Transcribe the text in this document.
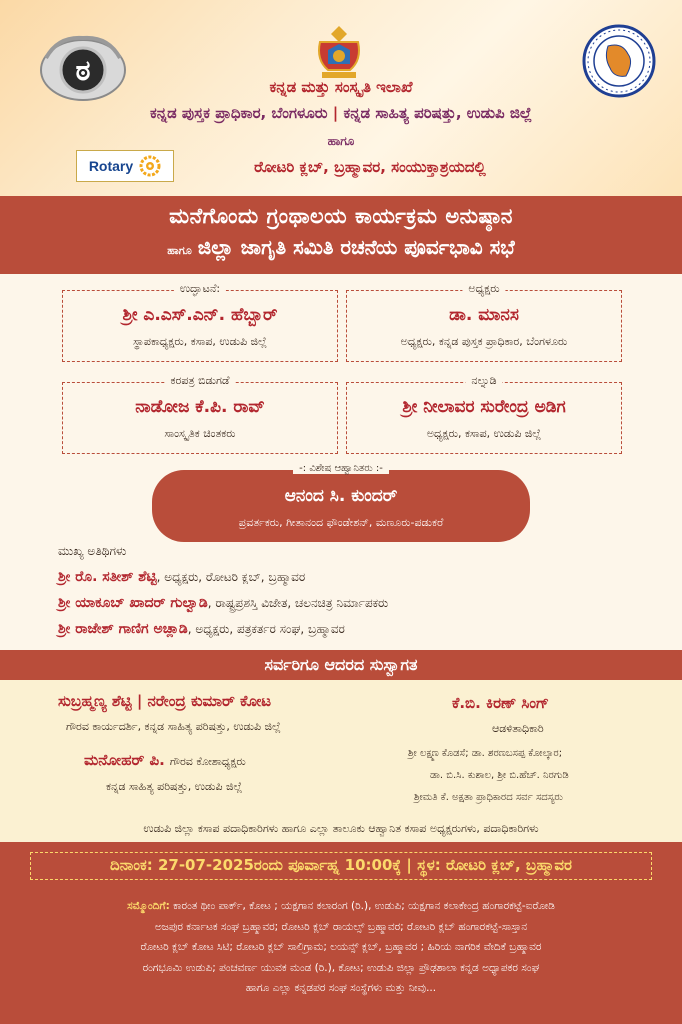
ಠ	ಕನ್ನಡ ಮತ್ತು ಸಂಸ್ಕೃತಿ ಇಲಾಖೆ
ಕನ್ನಡ ಪುಸ್ತಕ ಪ್ರಾಧಿಕಾರ, ಬೆಂಗಳೂರು | ಕನ್ನಡ ಸಾಹಿತ್ಯ ಪರಿಷತ್ತು, ಉಡುಪಿ ಜಿಲ್ಲೆ
ಹಾಗೂ
Rotary	ರೋಟರಿ ಕ್ಲಬ್, ಬ್ರಹ್ಮಾವರ, ಸಂಯುಕ್ತಾಶ್ರಯದಲ್ಲಿ
ಮನೆಗೊಂದು ಗ್ರಂಥಾಲಯ ಕಾರ್ಯಕ್ರಮ ಅನುಷ್ಠಾನ
ಹಾಗೂ ಜಿಲ್ಲಾ ಜಾಗೃತಿ ಸಮಿತಿ ರಚನೆಯ ಪೂರ್ವಭಾವಿ ಸಭೆ
ಉದ್ಘಾಟನೆ:
ಶ್ರೀ ಎ.ಎಸ್.ಎನ್. ಹೆಬ್ಬಾರ್
ಸ್ಥಾಪಕಾಧ್ಯಕ್ಷರು, ಕಸಾಪ, ಉಡುಪಿ ಜಿಲ್ಲೆ
ಅಧ್ಯಕ್ಷರು
ಡಾ. ಮಾನಸ
ಅಧ್ಯಕ್ಷರು, ಕನ್ನಡ ಪುಸ್ತಕ ಪ್ರಾಧಿಕಾರ, ಬೆಂಗಳೂರು
ಕರಪತ್ರ ಬಿಡುಗಡೆ
ನಾಡೋಜ ಕೆ.ಪಿ. ರಾವ್
ಸಾಂಸ್ಕೃತಿಕ ಚಿಂತಕರು
ನಲ್ನುಡಿ
ಶ್ರೀ ನೀಲಾವರ ಸುರೇಂದ್ರ ಅಡಿಗ
ಅಧ್ಯಕ್ಷರು, ಕಸಾಪ, ಉಡುಪಿ ಜಿಲ್ಲೆ
ಆನಂದ ಸಿ. ಕುಂದರ್
ಪ್ರವರ್ತಕರು, ಗೀತಾನಂದ ಫೌಂಡೇಶನ್, ಮಣೂರು-ಪಡುಕರೆ
-: ವಿಶೇಷ ಆಹ್ವಾನಿತರು :-
ಮುಖ್ಯ ಅತಿಥಿಗಳು
ಶ್ರೀ ರೊ. ಸತೀಶ್ ಶೆಟ್ಟಿ, ಅಧ್ಯಕ್ಷರು, ರೋಟರಿ ಕ್ಲಬ್, ಬ್ರಹ್ಮಾವರ
ಶ್ರೀ ಯಾಕೂಬ್ ಖಾದರ್ ಗುಲ್ವಾಡಿ, ರಾಷ್ಟ್ರಪ್ರಶಸ್ತಿ ವಿಜೇತ, ಚಲನಚಿತ್ರ ನಿರ್ಮಾಪಕರು
ಶ್ರೀ ರಾಜೇಶ್ ಗಾಣಿಗ ಅಚ್ಲಾಡಿ, ಅಧ್ಯಕ್ಷರು, ಪತ್ರಕರ್ತರ ಸಂಘ, ಬ್ರಹ್ಮಾವರ
ಸರ್ವರಿಗೂ ಆದರದ ಸುಸ್ವಾಗತ
ಸುಬ್ರಹ್ಮಣ್ಯ ಶೆಟ್ಟಿ | ನರೇಂದ್ರ ಕುಮಾರ್ ಕೋಟ
ಗೌರವ ಕಾರ್ಯದರ್ಶಿ, ಕನ್ನಡ ಸಾಹಿತ್ಯ ಪರಿಷತ್ತು, ಉಡುಪಿ ಜಿಲ್ಲೆ
ಮನೋಹರ್ ಪಿ. ಗೌರವ ಕೋಶಾಧ್ಯಕ್ಷರು
ಕನ್ನಡ ಸಾಹಿತ್ಯ ಪರಿಷತ್ತು, ಉಡುಪಿ ಜಿಲ್ಲೆ
ಕೆ.ಬಿ. ಕಿರಣ್ ಸಿಂಗ್
ಆಡಳಿತಾಧಿಕಾರಿ
ಶ್ರೀ ಲಕ್ಷ್ಮಣ ಕೊಡಸೆ; ಡಾ. ಶರಣಬಸಪ್ಪ ಕೋಲ್ಕಾರ;
ಡಾ. ಬಿ.ಸಿ. ಕುಶಾಲ, ಶ್ರೀ ಬಿ.ಹೆಚ್. ನಿರಗುಡಿ
ಶ್ರೀಮತಿ ಕೆ. ಅಕ್ಷತಾ ಪ್ರಾಧಿಕಾರದ ಸರ್ವ ಸದಸ್ಯರು
ಉಡುಪಿ ಜಿಲ್ಲಾ ಕಸಾಪ ಪದಾಧಿಕಾರಿಗಳು ಹಾಗೂ ಎಲ್ಲಾ ತಾಲೂಕು ಆಹ್ವಾನಿತ ಕಸಾಪ ಅಧ್ಯಕ್ಷರುಗಳು, ಪದಾಧಿಕಾರಿಗಳು
ದಿನಾಂಕ: 27-07-2025ರಂದು ಪೂರ್ವಾಹ್ನ 10:00ಕ್ಕೆ | ಸ್ಥಳ: ರೋಟರಿ ಕ್ಲಬ್, ಬ್ರಹ್ಮಾವರ
ಸಮ್ಮೊಂದಿಗೆ: ಕಾರಂತ ಥೀಂ ಪಾರ್ಕ್, ಕೋಟ ; ಯಕ್ಷಗಾನ ಕಲಾರಂಗ (ರಿ.), ಉಡುಪಿ; ಯಕ್ಷಗಾನ ಕಲಾಕೇಂದ್ರ ಹಂಗಾರಕಟ್ಟೆ-ಐರೋಡಿ
ಅಜಪುರ ಕರ್ನಾಟಕ ಸಂಘ ಬ್ರಹ್ಮಾವರ; ರೋಟರಿ ಕ್ಲಬ್ ರಾಯಲ್ಸ್ ಬ್ರಹ್ಮಾವರ; ರೋಟರಿ ಕ್ಲಬ್ ಹಂಗಾರಕಟ್ಟೆ-ಸಾಸ್ತಾನ
ರೋಟರಿ ಕ್ಲಬ್ ಕೋಟ ಸಿಟಿ; ರೋಟರಿ ಕ್ಲಬ್ ಸಾಲಿಗ್ರಾಮ; ಲಯನ್ಸ್ ಕ್ಲಬ್, ಬ್ರಹ್ಮಾವರ ; ಹಿರಿಯ ನಾಗರಿಕ ವೇದಿಕೆ ಬ್ರಹ್ಮಾವರ
ರಂಗಭೂಮಿ ಉಡುಪಿ; ಪಂಚವರ್ಣ ಯುವಕ ಮಂಡ (ರಿ.), ಕೋಟ; ಉಡುಪಿ ಜಿಲ್ಲಾ ಪ್ರೌಢಶಾಲಾ ಕನ್ನಡ ಅಧ್ಯಾಪಕರ ಸಂಘ
ಹಾಗೂ ಎಲ್ಲಾ ಕನ್ನಡಪರ ಸಂಘ ಸಂಸ್ಥೆಗಳು ಮತ್ತು ನೀವು...
